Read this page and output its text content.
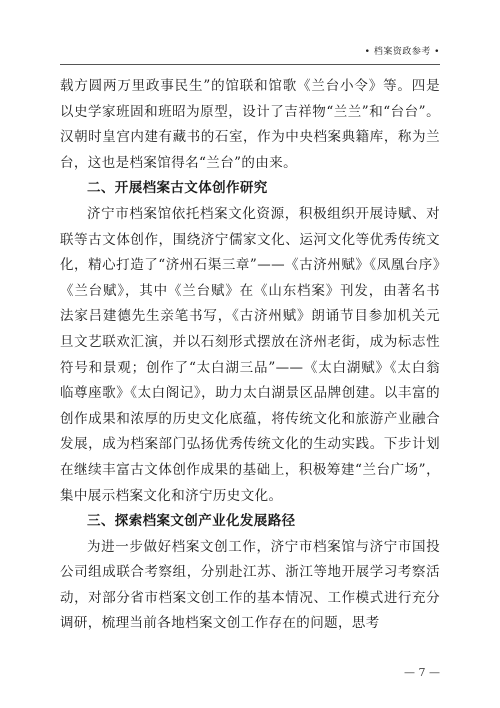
• 档案资政参考 •

载方圆两万里政事民生”的馆联和馆歌《兰台小令》等。四是以史学家班固和班昭为原型，设计了吉祥物“兰兰”和“台台”。汉朝时皇宫内建有藏书的石室，作为中央档案典籍库，称为兰台，这也是档案馆得名“兰台”的由来。

二、开展档案古文体创作研究

济宁市档案馆依托档案文化资源，积极组织开展诗赋、对联等古文体创作，围绕济宁儒家文化、运河文化等优秀传统文化，精心打造了“济州石渠三章”——《古济州赋》《凤凰台序》《兰台赋》，其中《兰台赋》在《山东档案》刊发，由著名书法家吕建德先生亲笔书写，《古济州赋》朗诵节目参加机关元旦文艺联欢汇演，并以石刻形式摆放在济州老街，成为标志性符号和景观；创作了“太白湖三品”——《太白湖赋》《太白翁临尊座歌》《太白阁记》，助力太白湖景区品牌创建。以丰富的创作成果和浓厚的历史文化底蕴，将传统文化和旅游产业融合发展，成为档案部门弘扬优秀传统文化的生动实践。下步计划在继续丰富古文体创作成果的基础上，积极筹建“兰台广场”，集中展示档案文化和济宁历史文化。

三、探索档案文创产业化发展路径

为进一步做好档案文创工作，济宁市档案馆与济宁市国投公司组成联合考察组，分别赴江苏、浙江等地开展学习考察活动，对部分省市档案文创工作的基本情况、工作模式进行充分调研，梳理当前各地档案文创工作存在的问题，思考

— 7 —
